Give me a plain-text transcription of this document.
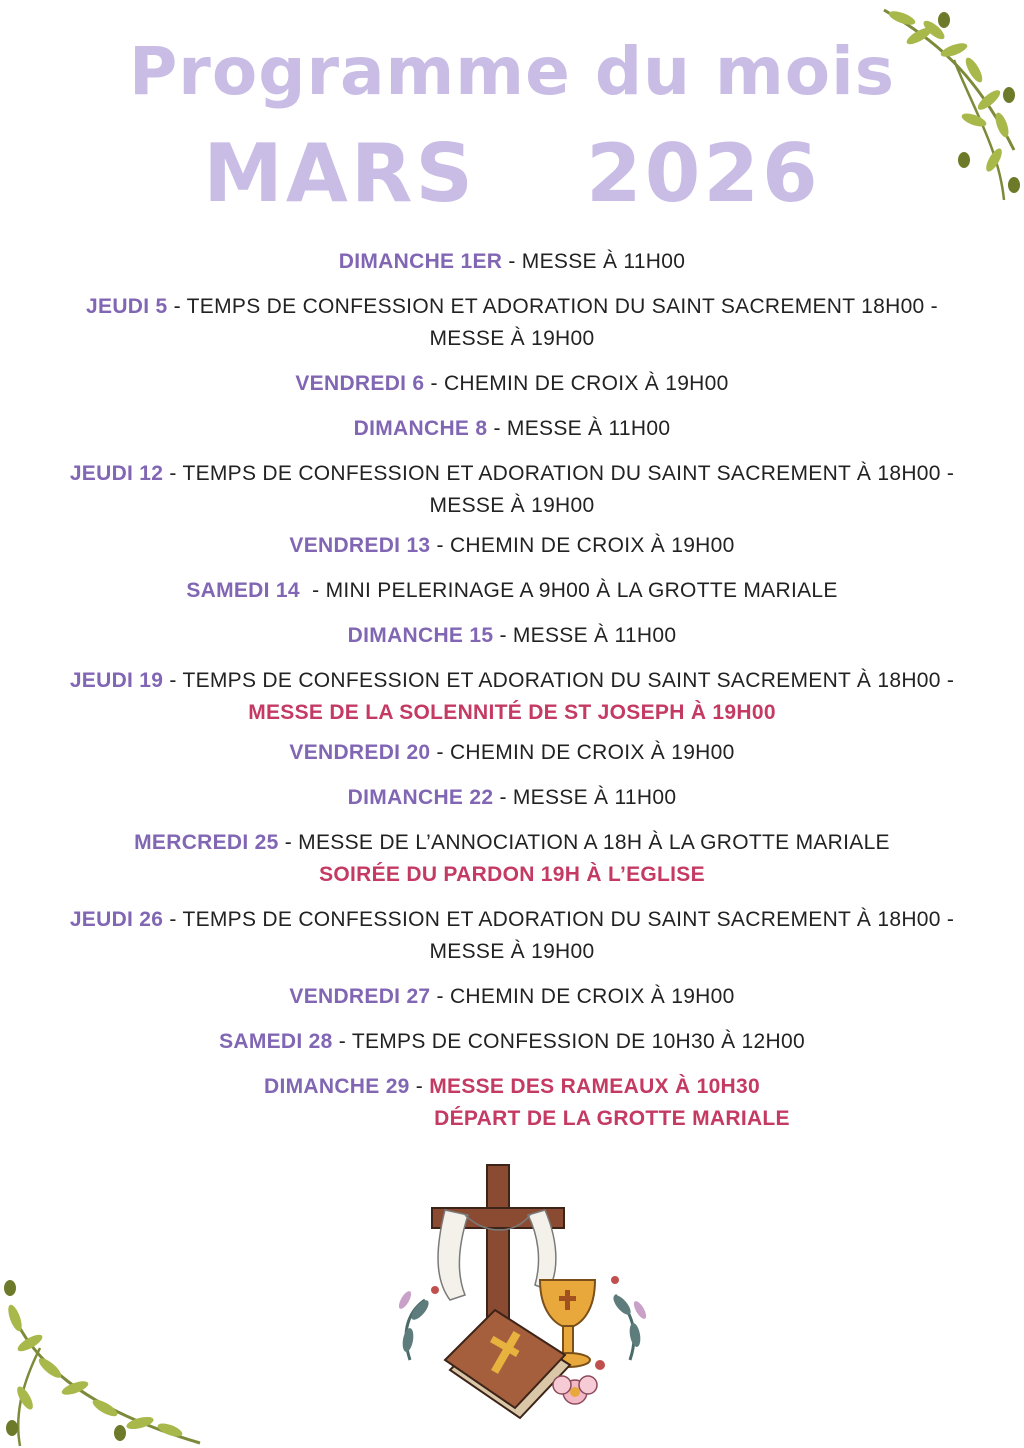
Programme du mois
MARS 2026
DIMANCHE 1ER - MESSE À 11H00
JEUDI 5 - TEMPS DE CONFESSION ET ADORATION DU SAINT SACREMENT 18H00 -
MESSE À 19H00
VENDREDI 6 - CHEMIN DE CROIX À 19H00
DIMANCHE 8 - MESSE À 11H00
JEUDI 12 - TEMPS DE CONFESSION ET ADORATION DU SAINT SACREMENT À 18H00 -
MESSE À 19H00
VENDREDI 13 - CHEMIN DE CROIX À 19H00
SAMEDI 14  - MINI PELERINAGE A 9H00 À LA GROTTE MARIALE
DIMANCHE 15 - MESSE À 11H00
JEUDI 19 - TEMPS DE CONFESSION ET ADORATION DU SAINT SACREMENT À 18H00 -
MESSE DE LA SOLENNITÉ DE ST JOSEPH À 19H00
VENDREDI 20 - CHEMIN DE CROIX À 19H00
DIMANCHE 22 - MESSE À 11H00
MERCREDI 25 - MESSE DE L’ANNOCIATION A 18H À LA GROTTE MARIALE
SOIRÉE DU PARDON 19H À L’EGLISE
JEUDI 26 - TEMPS DE CONFESSION ET ADORATION DU SAINT SACREMENT À 18H00 -
MESSE À 19H00
VENDREDI 27 - CHEMIN DE CROIX À 19H00
SAMEDI 28 - TEMPS DE CONFESSION DE 10H30 À 12H00
DIMANCHE 29 - MESSE DES RAMEAUX À 10H30
DÉPART DE LA GROTTE MARIALE
